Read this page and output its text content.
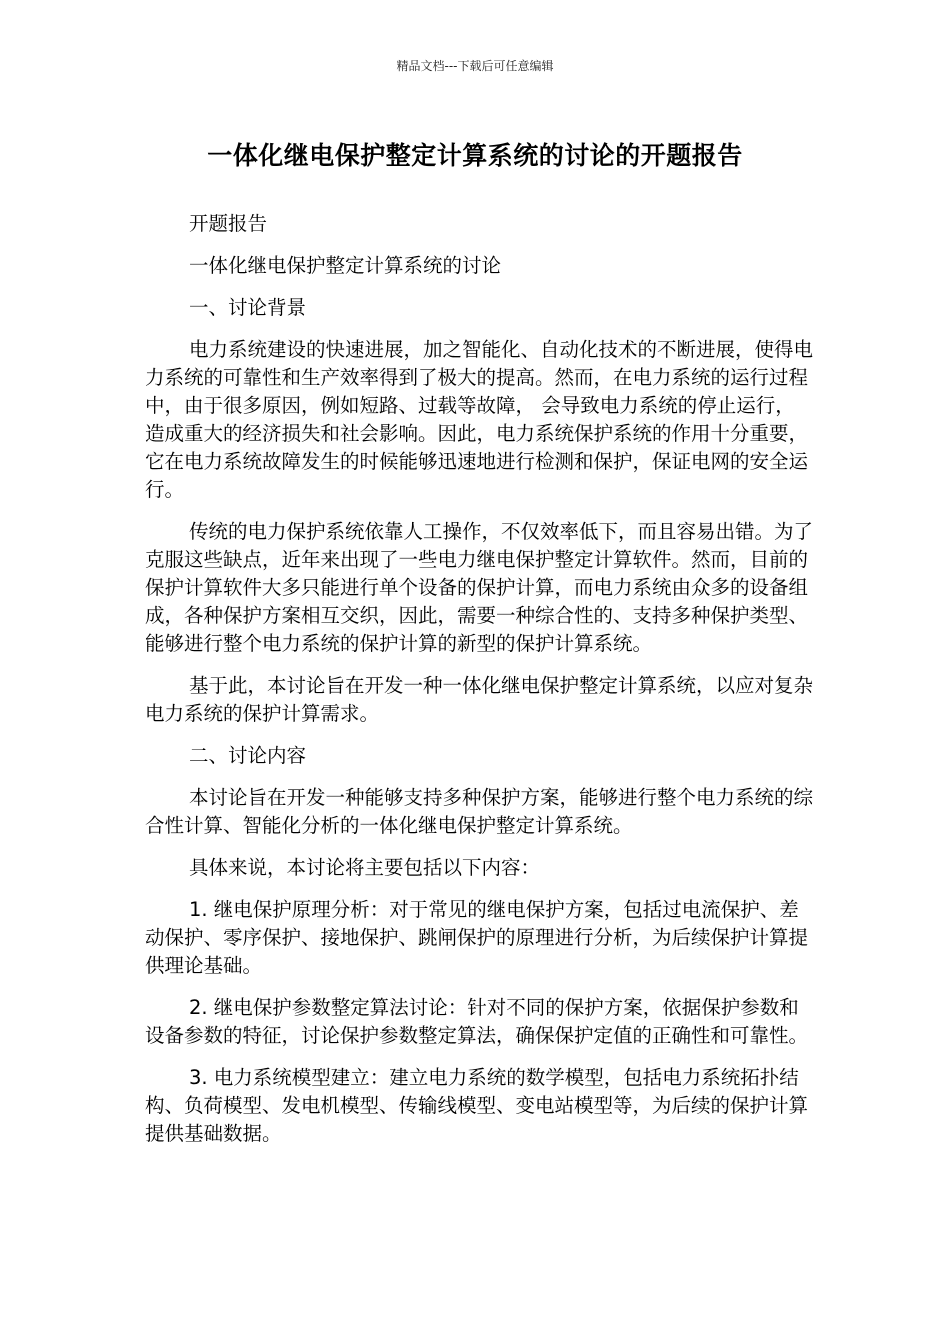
精品文档---下载后可任意编辑
一体化继电保护整定计算系统的讨论的开题报告

开题报告

一体化继电保护整定计算系统的讨论

一、讨论背景

电力系统建设的快速进展，加之智能化、自动化技术的不断进展，使得电力系统的可靠性和生产效率得到了极大的提高。然而，在电力系统的运行过程中，由于很多原因，例如短路、过载等故障， 会导致电力系统的停止运行，造成重大的经济损失和社会影响。因此，电力系统保护系统的作用十分重要，它在电力系统故障发生的时候能够迅速地进行检测和保护，保证电网的安全运行。

传统的电力保护系统依靠人工操作，不仅效率低下，而且容易出错。为了克服这些缺点，近年来出现了一些电力继电保护整定计算软件。然而，目前的保护计算软件大多只能进行单个设备的保护计算，而电力系统由众多的设备组成，各种保护方案相互交织，因此，需要一种综合性的、支持多种保护类型、能够进行整个电力系统的保护计算的新型的保护计算系统。

基于此，本讨论旨在开发一种一体化继电保护整定计算系统，以应对复杂电力系统的保护计算需求。

二、讨论内容

本讨论旨在开发一种能够支持多种保护方案，能够进行整个电力系统的综合性计算、智能化分析的一体化继电保护整定计算系统。

具体来说，本讨论将主要包括以下内容：

1. 继电保护原理分析：对于常见的继电保护方案，包括过电流保护、差动保护、零序保护、接地保护、跳闸保护的原理进行分析，为后续保护计算提供理论基础。

2. 继电保护参数整定算法讨论：针对不同的保护方案，依据保护参数和设备参数的特征，讨论保护参数整定算法，确保保护定值的正确性和可靠性。

3. 电力系统模型建立：建立电力系统的数学模型，包括电力系统拓扑结构、负荷模型、发电机模型、传输线模型、变电站模型等，为后续的保护计算提供基础数据。
